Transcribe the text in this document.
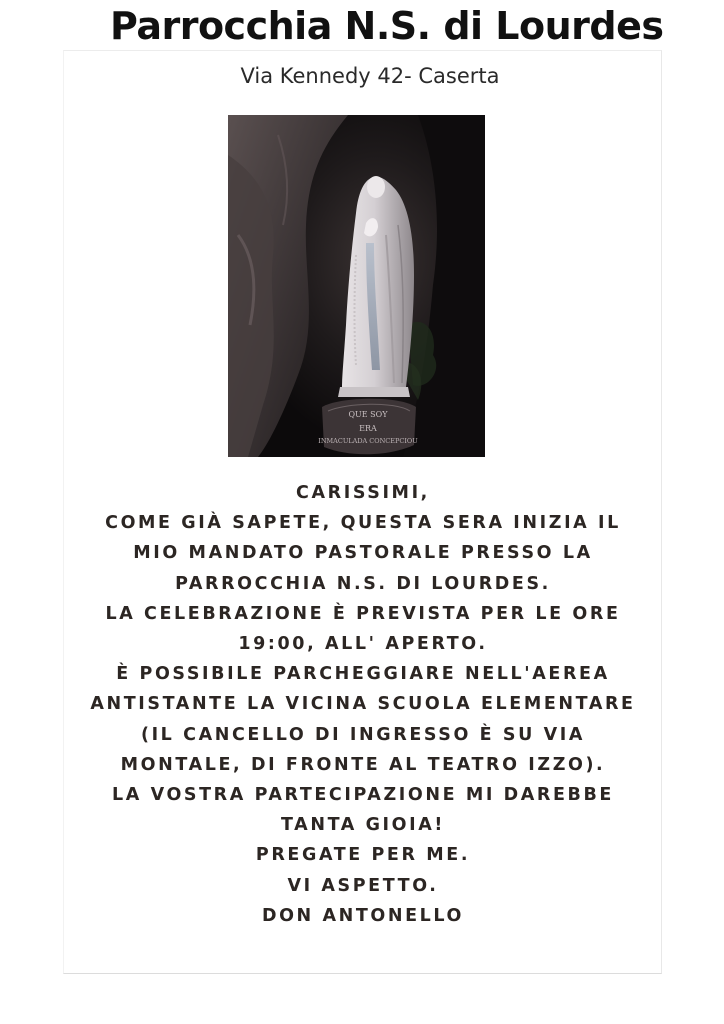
Parrocchia N.S. di Lourdes
Via Kennedy 42- Caserta
QUE SOY
ERA
INMACULADA CONCEPCIOU
CARISSIMI,
COME GIÀ SAPETE, QUESTA SERA INIZIA IL
MIO MANDATO PASTORALE PRESSO LA
PARROCCHIA N.S. DI LOURDES.
LA CELEBRAZIONE È PREVISTA PER LE ORE
19:00, ALL' APERTO.
È POSSIBILE PARCHEGGIARE NELL'AEREA
ANTISTANTE LA VICINA SCUOLA ELEMENTARE
(IL CANCELLO DI INGRESSO È SU VIA
MONTALE, DI FRONTE AL TEATRO IZZO).
LA VOSTRA PARTECIPAZIONE MI DAREBBE
TANTA GIOIA!
PREGATE PER ME.
VI ASPETTO.
DON ANTONELLO
